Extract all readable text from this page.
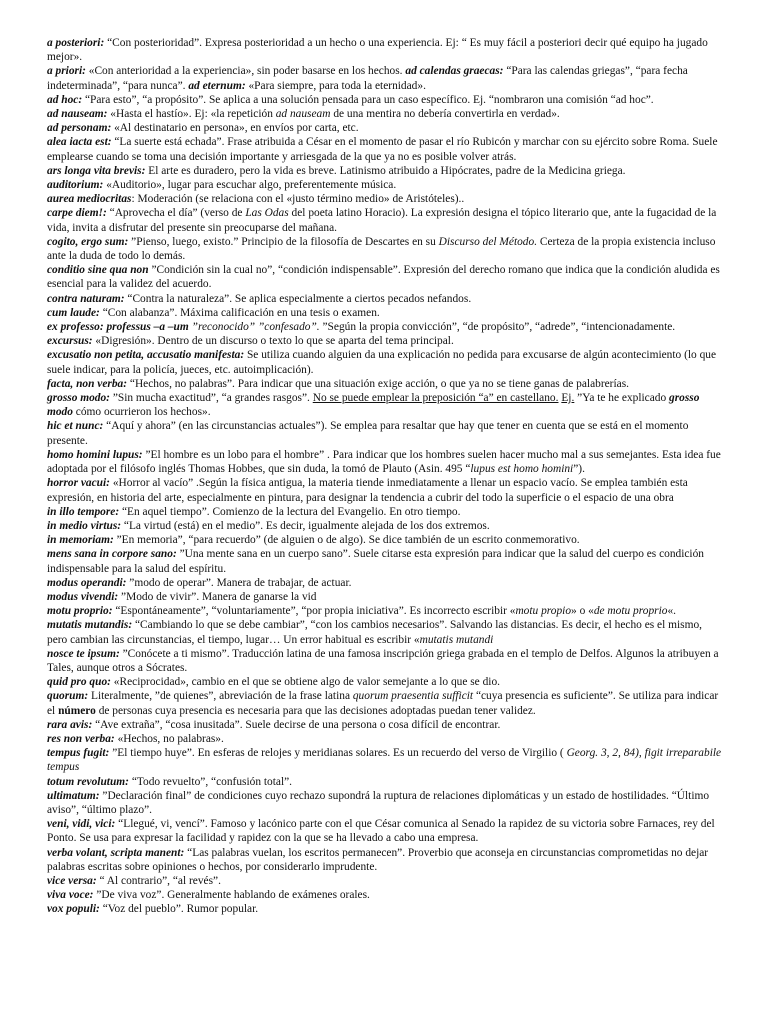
a posteriori: “Con posterioridad”. Expresa posterioridad a un hecho o una experiencia. Ej: “ Es muy fácil a posteriori decir qué equipo ha jugado mejor».

a priori: «Con anterioridad a la experiencia», sin poder basarse en los hechos. ad calendas graecas: “Para las calendas griegas”, “para fecha indeterminada”, “para nunca”. ad eternum: «Para siempre, para toda la eternidad».

ad hoc: “Para esto”, “a propósito”. Se aplica a una solución pensada para un caso específico. Ej. “nombraron una comisión “ad hoc”.

ad nauseam: «Hasta el hastío». Ej: «la repetición ad nauseam de una mentira no debería convertirla en verdad».

ad personam: «Al destinatario en persona», en envíos por carta, etc.

alea iacta est: “La suerte está echada”. Frase atribuida a César en el momento de pasar el río Rubicón y marchar con su ejército sobre Roma. Suele emplearse cuando se toma una decisión importante y arriesgada de la que ya no es posible volver atrás.

ars longa vita brevis: El arte es duradero, pero la vida es breve. Latinismo atribuido a Hipócrates, padre de la Medicina griega.

auditorium: «Auditorio», lugar para escuchar algo, preferentemente música.

aurea mediocritas: Moderación (se relaciona con el «justo término medio» de Aristóteles)..

carpe diem!: “Aprovecha el día” (verso de Las Odas del poeta latino Horacio). La expresión designa el tópico literario que, ante la fugacidad de la vida, invita a disfrutar del presente sin preocuparse del mañana.

cogito, ergo sum: ”Pienso, luego, existo.” Principio de la filosofía de Descartes en su Discurso del Método. Certeza de la propia existencia incluso ante la duda de todo lo demás.

conditio sine qua non ”Condición sin la cual no”, “condición indispensable”. Expresión del derecho romano que indica que la condición aludida es esencial para la validez del acuerdo.

contra naturam: “Contra la naturaleza”. Se aplica especialmente a ciertos pecados nefandos.

cum laude: “Con alabanza”. Máxima calificación en una tesis o examen.

ex professo: professus –a –um ”reconocido” ”confesado”. ”Según la propia convicción”, “de propósito”, “adrede”, “intencionadamente.

excursus: «Digresión». Dentro de un discurso o texto lo que se aparta del tema principal.

excusatio non petita, accusatio manifesta: Se utiliza cuando alguien da una explicación no pedida para excusarse de algún acontecimiento (lo que suele indicar, para la policía, jueces, etc. autoimplicación).

facta, non verba: “Hechos, no palabras”. Para indicar que una situación exige acción, o que ya no se tiene ganas de palabrerías.

grosso modo: ”Sin mucha exactitud”, “a grandes rasgos”. No se puede emplear la preposición “a” en castellano. Ej. ”Ya te he explicado grosso modo cómo ocurrieron los hechos».

hic et nunc: “Aquí y ahora” (en las circunstancias actuales”). Se emplea para resaltar que hay que tener en cuenta que se está en el momento presente.

homo homini lupus: ”El hombre es un lobo para el hombre” . Para indicar que los hombres suelen hacer mucho mal a sus semejantes. Esta idea fue adoptada por el filósofo inglés Thomas Hobbes, que sin duda, la tomó de Plauto (Asin. 495 “lupus est homo homini”).

horror vacui: «Horror al vacío” .Según la física antigua, la materia tiende inmediatamente a llenar un espacio vacío. Se emplea también esta expresión, en historia del arte, especialmente en pintura, para designar la tendencia a cubrir del todo la superficie o el espacio de una obra

in illo tempore: “En aquel tiempo”. Comienzo de la lectura del Evangelio. En otro tiempo.

in medio virtus: “La virtud (está) en el medio”. Es decir, igualmente alejada de los dos extremos.

in memoriam: ”En memoria”, “para recuerdo” (de alguien o de algo). Se dice también de un escrito conmemorativo.

mens sana in corpore sano: ”Una mente sana en un cuerpo sano”. Suele citarse esta expresión para indicar que la salud del cuerpo es condición indispensable para la salud del espíritu.

modus operandi: ”modo de operar”. Manera de trabajar, de actuar.

modus vivendi: ”Modo de vivir”. Manera de ganarse la vid

motu proprio: “Espontáneamente”, “voluntariamente”, “por propia iniciativa”. Es incorrecto escribir «motu propio» o «de motu proprio«.

mutatis mutandis: “Cambiando lo que se debe cambiar”, “con los cambios necesarios”. Salvando las distancias. Es decir, el hecho es el mismo, pero cambian las circunstancias, el tiempo, lugar… Un error habitual es escribir «mutatis mutandi

nosce te ipsum: ”Conócete a ti mismo”. Traducción latina de una famosa inscripción griega grabada en el templo de Delfos. Algunos la atribuyen a Tales, aunque otros a Sócrates.

quid pro quo: «Reciprocidad», cambio en el que se obtiene algo de valor semejante a lo que se dio.

quorum: Literalmente, ”de quienes”, abreviación de la frase latina quorum praesentia sufficit “cuya presencia es suficiente”. Se utiliza para indicar el número de personas cuya presencia es necesaria para que las decisiones adoptadas puedan tener validez.

rara avis: “Ave extraña”, “cosa inusitada”. Suele decirse de una persona o cosa difícil de encontrar.

res non verba: «Hechos, no palabras».

tempus fugit: ”El tiempo huye”. En esferas de relojes y meridianas solares. Es un recuerdo del verso de Virgilio ( Georg. 3, 2, 84), figit irreparabile tempus

totum revolutum: “Todo revuelto”, “confusión total”.

ultimatum: ”Declaración final” de condiciones cuyo rechazo supondrá la ruptura de relaciones diplomáticas y un estado de hostilidades. “Último aviso”, “último plazo”.

veni, vidi, vici: “Llegué, vi, vencí”. Famoso y lacónico parte con el que César comunica al Senado la rapidez de su victoria sobre Farnaces, rey del Ponto. Se usa para expresar la facilidad y rapidez con la que se ha llevado a cabo una empresa.

verba volant, scripta manent: “Las palabras vuelan, los escritos permanecen”. Proverbio que aconseja en circunstancias comprometidas no dejar palabras escritas sobre opiniones o hechos, por considerarlo imprudente.

vice versa: “ Al contrario”, “al revés”.

viva voce: ”De viva voz”. Generalmente hablando de exámenes orales.

vox populi: “Voz del pueblo”. Rumor popular.
